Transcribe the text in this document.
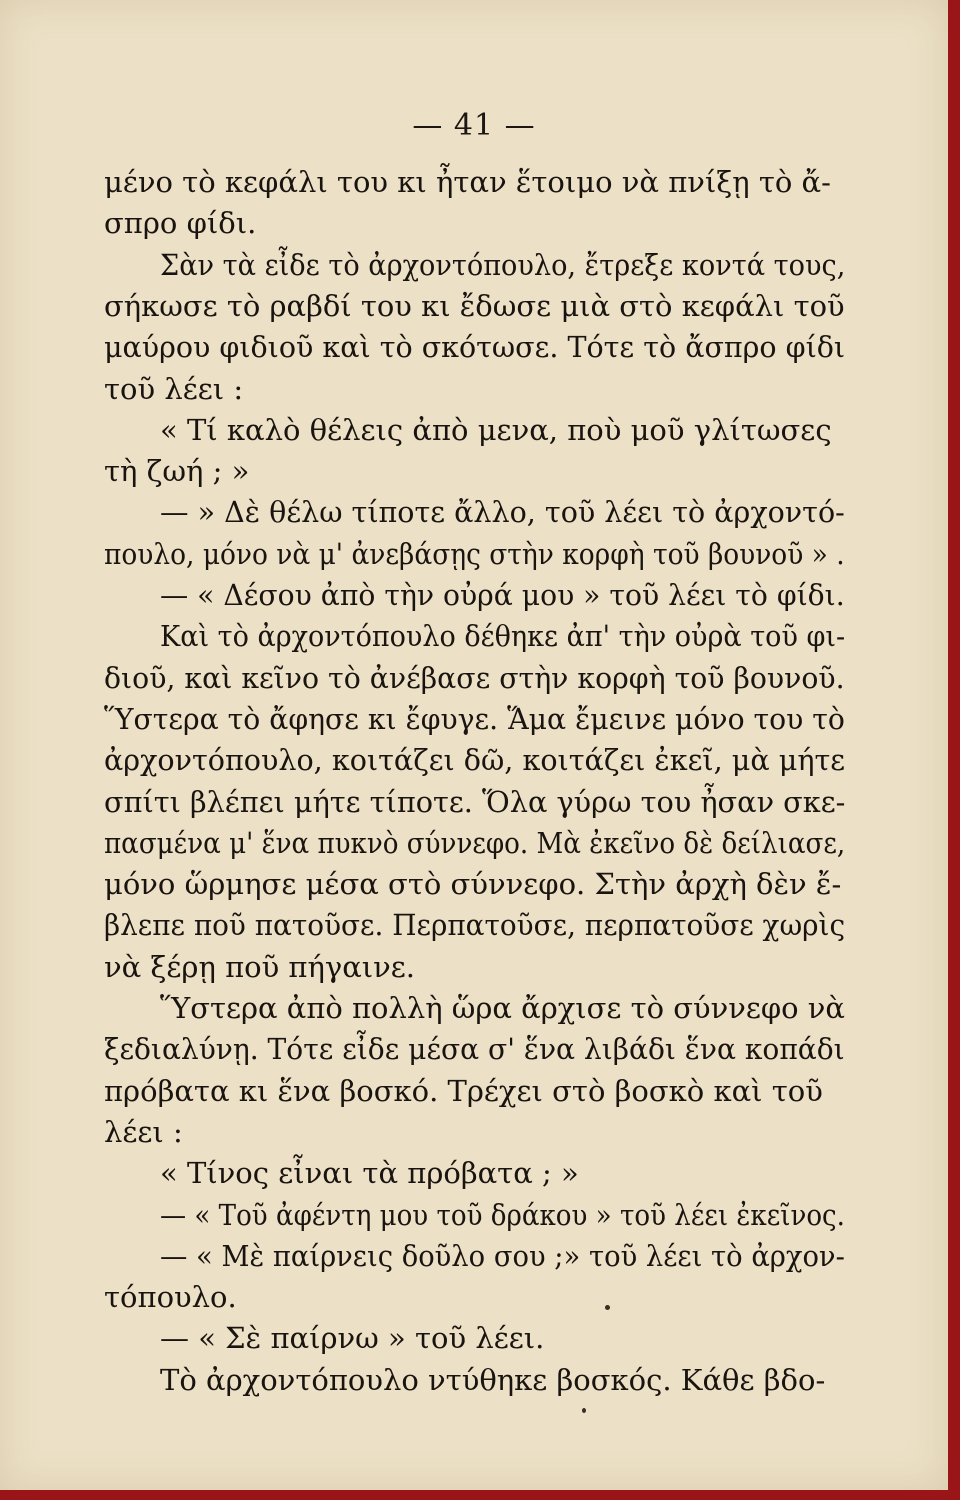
— 41 —
μένο τὸ κεφάλι του κι ἦταν ἕτοιμο νὰ πνίξῃ τὸ ἄ-
σπρο φίδι.
Σὰν τὰ εἶδε τὸ ἀρχοντόπουλο, ἔτρεξε κοντά τους,
σήκωσε τὸ ραβδί του κι ἔδωσε μιὰ στὸ κεφάλι τοῦ
μαύρου φιδιοῦ καὶ τὸ σκότωσε. Τότε τὸ ἄσπρο φίδι
τοῦ λέει :
« Τί καλὸ θέλεις ἀπὸ μενα, ποὺ μοῦ γλίτωσες
τὴ ζωή ; »
— » Δὲ θέλω τίποτε ἄλλο, τοῦ λέει τὸ ἀρχοντό-
πουλο, μόνο νὰ μ' ἀνεβάσῃς στὴν κορφὴ τοῦ βουνοῦ » .
— « Δέσου ἀπὸ τὴν οὐρά μου » τοῦ λέει τὸ φίδι.
Καὶ τὸ ἀρχοντόπουλο δέθηκε ἀπ' τὴν οὐρὰ τοῦ φι-
διοῦ, καὶ κεῖνο τὸ ἀνέβασε στὴν κορφὴ τοῦ βουνοῦ.
Ὕστερα τὸ ἄφησε κι ἔφυγε. Ἅμα ἔμεινε μόνο του τὸ
ἀρχοντόπουλο, κοιτάζει δῶ, κοιτάζει ἐκεῖ, μὰ μήτε
σπίτι βλέπει μήτε τίποτε. Ὅλα γύρω του ἦσαν σκε-
πασμένα μ' ἕνα πυκνὸ σύννεφο. Μὰ ἐκεῖνο δὲ δείλιασε,
μόνο ὥρμησε μέσα στὸ σύννεφο. Στὴν ἀρχὴ δὲν ἔ-
βλεπε ποῦ πατοῦσε. Περπατοῦσε, περπατοῦσε χωρὶς
νὰ ξέρῃ ποῦ πήγαινε.
Ὕστερα ἀπὸ πολλὴ ὥρα ἄρχισε τὸ σύννεφο νὰ
ξεδιαλύνῃ. Τότε εἶδε μέσα σ' ἕνα λιβάδι ἕνα κοπάδι
πρόβατα κι ἕνα βοσκό. Τρέχει στὸ βοσκὸ καὶ τοῦ
λέει :
« Τίνος εἶναι τὰ πρόβατα ; »
— « Τοῦ ἀφέντη μου τοῦ δράκου » τοῦ λέει ἐκεῖνος.
— « Μὲ παίρνεις δοῦλο σου ;» τοῦ λέει τὸ ἀρχον-
τόπουλο.
— « Σὲ παίρνω » τοῦ λέει.
Τὸ ἀρχοντόπουλο ντύθηκε βοσκός. Κάθε βδο-
